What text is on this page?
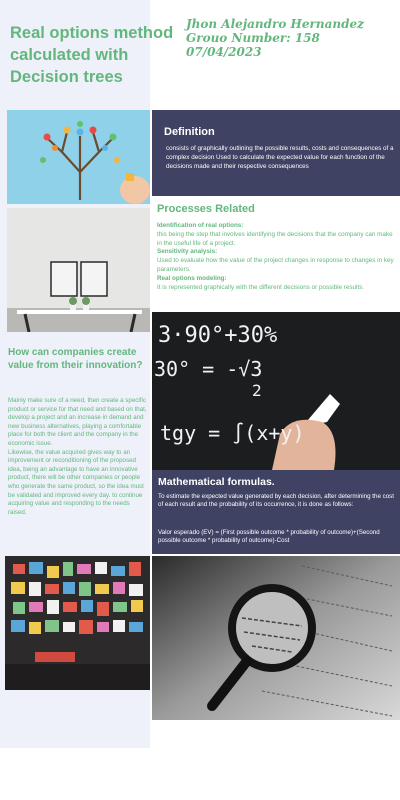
Real options method calculated with Decision trees
Jhon Alejandro Hernandez
Grouo Number: 158
07/04/2023
Definition
consists of graphically outlining the possible results, costs and consequences of a complex decision Used to calculate the expected value for each function of the decisions made and their respective consequences
Processes Related
Identification of real options:
this being the step that involves identifying the decisions that the company can make in the useful life of a project.
Sensitivity analysis:
Used to evaluate how the value of the project changes in response to changes in key parameters.
Real options modeling:
It is represented graphically with the different decisions or possible results.
3·90°+30%
30° = -√3
2
tgy = ∫(x+y)
How can companies create value from their innovation?
Mainly make sure of a need, then create a specific product or service for that need and based on that, develop a project and an increase in demand and new business alternatives, playing a comfortable place for both the client and the company in the economic issue.
Likewise, the value acquired gives way to an improvement or reconditioning of the proposed idea, being an advantage to have an innovative product, there will be other companies or people who generate the same product, so the idea must be validated and improved every day. to continue acquiring value and responding to the needs raised.
Mathematical formulas.
To estimate the expected value generated by each decision, after determining the cost of each result and the probability of its occurrence, it is done as follows:
Valor esperado (EV) = (First possible outcome * probability of outcome)+(Second possible outcome * probability of outcome)-Cost
